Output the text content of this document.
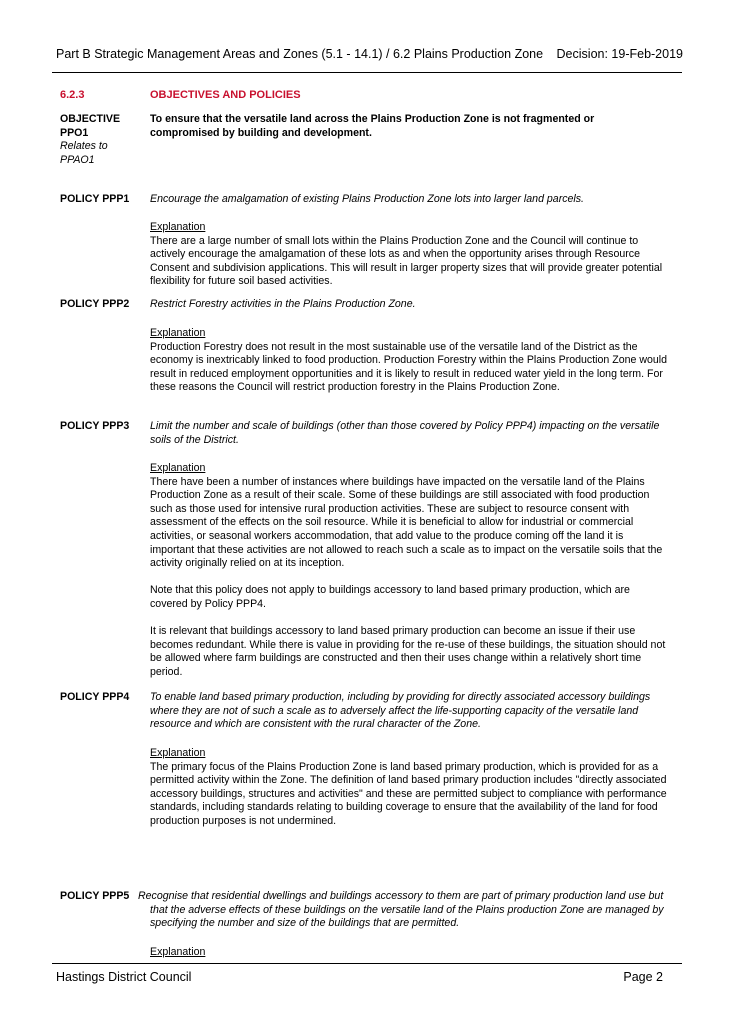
Part B Strategic Management Areas and Zones (5.1 - 14.1) / 6.2 Plains Production Zone Decision: 19-Feb-2019
6.2.3	OBJECTIVES AND POLICIES
OBJECTIVE
PPO1
Relates to
PPAO1
To ensure that the versatile land across the Plains Production Zone is not fragmented or compromised by building and development.
POLICY PPP1 Encourage the amalgamation of existing Plains Production Zone lots into larger land parcels.
Explanation
There are a large number of small lots within the Plains Production Zone and the Council will continue to actively encourage the amalgamation of these lots as and when the opportunity arises through Resource Consent and subdivision applications. This will result in larger property sizes that will provide greater potential flexibility for future soil based activities.
POLICY PPP2 Restrict Forestry activities in the Plains Production Zone.
Explanation
Production Forestry does not result in the most sustainable use of the versatile land of the District as the economy is inextricably linked to food production. Production Forestry within the Plains Production Zone would result in reduced employment opportunities and it is likely to result in reduced water yield in the long term. For these reasons the Council will restrict production forestry in the Plains Production Zone.
POLICY PPP3 Limit the number and scale of buildings (other than those covered by Policy PPP4) impacting on the versatile soils of the District.
Explanation
There have been a number of instances where buildings have impacted on the versatile land of the Plains Production Zone as a result of their scale. Some of these buildings are still associated with food production such as those used for intensive rural production activities. These are subject to resource consent with assessment of the effects on the soil resource. While it is beneficial to allow for industrial or commercial activities, or seasonal workers accommodation, that add value to the produce coming off the land it is important that these activities are not allowed to reach such a scale as to impact on the versatile soils that the activity originally relied on at its inception.
Note that this policy does not apply to buildings accessory to land based primary production, which are covered by Policy PPP4.
It is relevant that buildings accessory to land based primary production can become an issue if their use becomes redundant. While there is value in providing for the re-use of these buildings, the situation should not be allowed where farm buildings are constructed and then their uses change within a relatively short time period.
POLICY PPP4 To enable land based primary production, including by providing for directly associated accessory buildings where they are not of such a scale as to adversely affect the life-supporting capacity of the versatile land resource and which are consistent with the rural character of the Zone.
Explanation
The primary focus of the Plains Production Zone is land based primary production, which is provided for as a permitted activity within the Zone. The definition of land based primary production includes "directly associated accessory buildings, structures and activities" and these are permitted subject to compliance with performance standards, including standards relating to building coverage to ensure that the availability of the land for food production purposes is not undermined.
POLICY PPP5 Recognise that residential dwellings and buildings accessory to them are part of primary production land use but that the adverse effects of these buildings on the versatile land of the Plains production Zone are managed by specifying the number and size of the buildings that are permitted.
Explanation
Hastings District Council	Page 2
